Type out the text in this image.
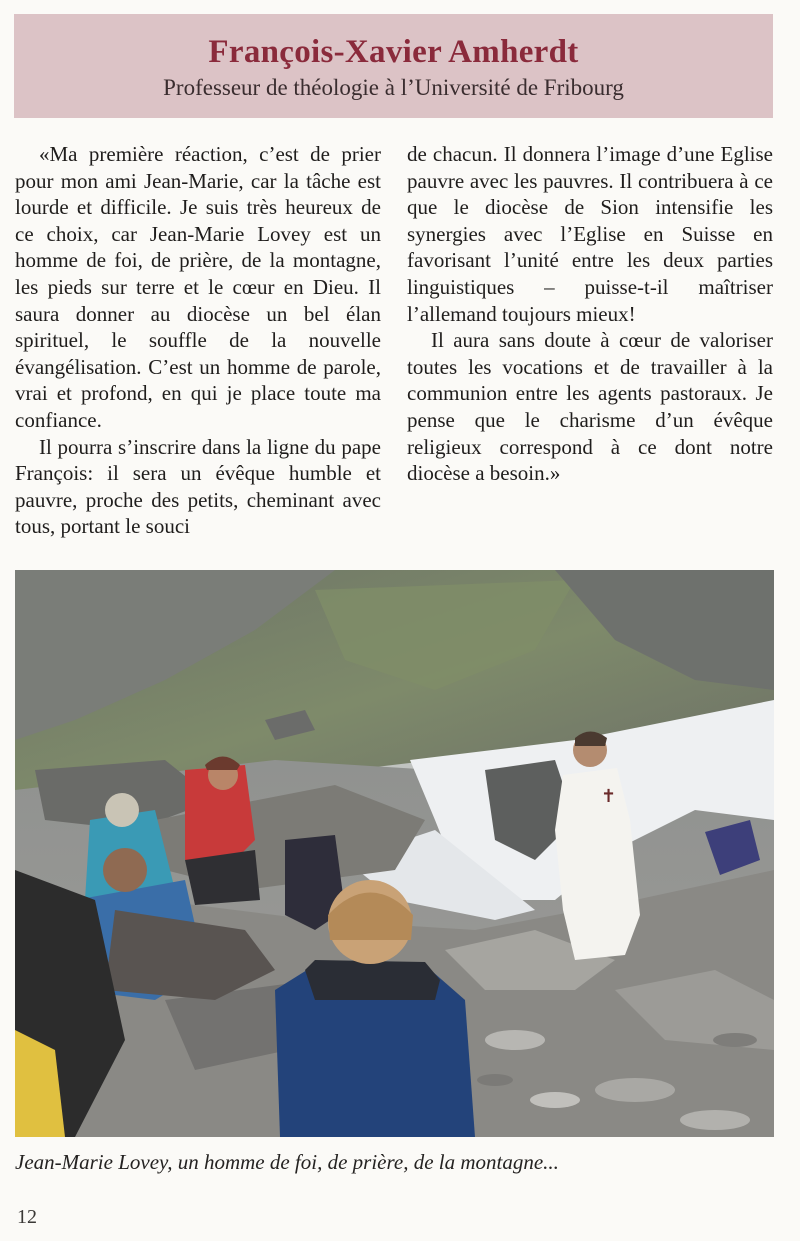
François-Xavier Amherdt
Professeur de théologie à l’Université de Fribourg

«Ma première réaction, c’est de prier pour mon ami Jean-Marie, car la tâche est lourde et difficile. Je suis très heureux de ce choix, car Jean-Marie Lovey est un homme de foi, de prière, de la montagne, les pieds sur terre et le cœur en Dieu. Il saura donner au diocèse un bel élan spirituel, le souffle de la nouvelle évangélisation. C’est un homme de parole, vrai et profond, en qui je place toute ma confiance.

Il pourra s’inscrire dans la ligne du pape François: il sera un évêque humble et pauvre, proche des petits, cheminant avec tous, portant le souci

de chacun. Il donnera l’image d’une Eglise pauvre avec les pauvres. Il contribuera à ce que le diocèse de Sion intensifie les synergies avec l’Eglise en Suisse en favorisant l’unité entre les deux parties linguistiques – puisse-t-il maîtriser l’allemand toujours mieux!

Il aura sans doute à cœur de valoriser toutes les vocations et de travailler à la communion entre les agents pastoraux. Je pense que le charisme d’un évêque religieux correspond à ce dont notre diocèse a besoin.»

✝
Jean-Marie Lovey, un homme de foi, de prière, de la montagne...
12
